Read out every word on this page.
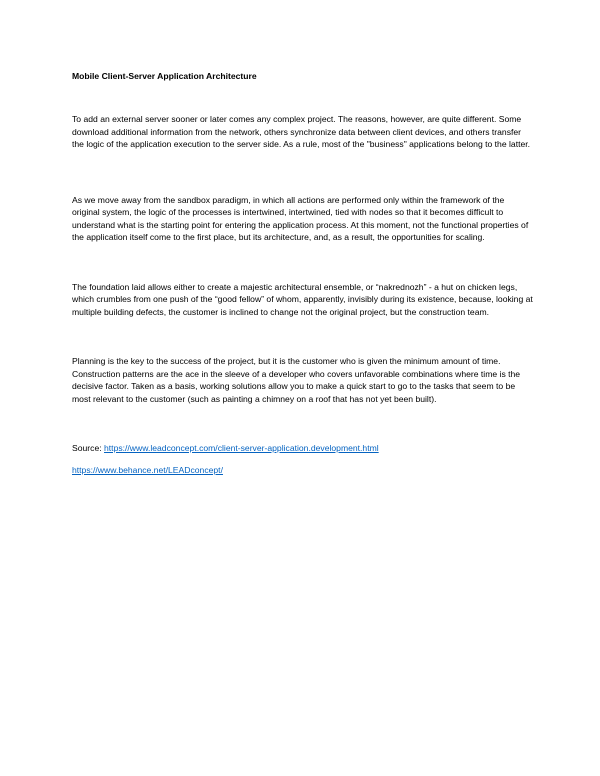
Mobile Client-Server Application Architecture

To add an external server sooner or later comes any complex project. The reasons, however, are quite different. Some download additional information from the network, others synchronize data between client devices, and others transfer the logic of the application execution to the server side. As a rule, most of the "business" applications belong to the latter.

As we move away from the sandbox paradigm, in which all actions are performed only within the framework of the original system, the logic of the processes is intertwined, intertwined, tied with nodes so that it becomes difficult to understand what is the starting point for entering the application process. At this moment, not the functional properties of the application itself come to the first place, but its architecture, and, as a result, the opportunities for scaling.

The foundation laid allows either to create a majestic architectural ensemble, or “nakrednozh” - a hut on chicken legs, which crumbles from one push of the “good fellow” of whom, apparently, invisibly during its existence, because, looking at multiple building defects, the customer is inclined to change not the original project, but the construction team.

Planning is the key to the success of the project, but it is the customer who is given the minimum amount of time. Construction patterns are the ace in the sleeve of a developer who covers unfavorable combinations where time is the decisive factor. Taken as a basis, working solutions allow you to make a quick start to go to the tasks that seem to be most relevant to the customer (such as painting a chimney on a roof that has not yet been built).

Source: https://www.leadconcept.com/client-server-application.development.html
https://www.behance.net/LEADconcept/
